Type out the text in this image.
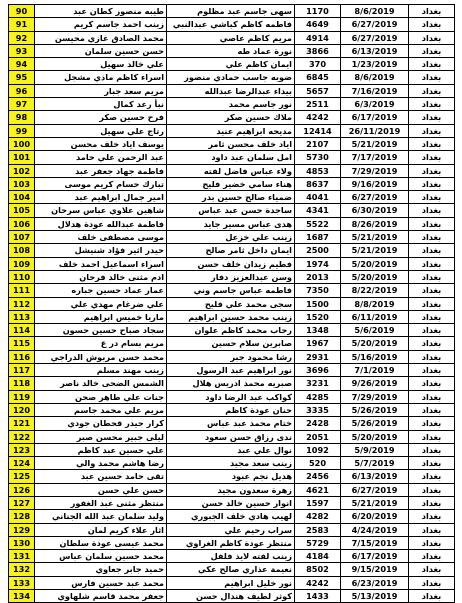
90	طيبه منصور كطان عبد	سهى جاسم عبد مظلوم	1170	8/6/2019	بغداد
91	زينب احمد جاسم كريم	فاطمه كاظم كباشي عبدالنبي	4649	6/27/2019	بغداد
92	محمد الصادق غازي محيسن	مريم كاظم عاصي	4914	6/27/2019	بغداد
93	حسن حسين سلمان	نورة عماد طه	3866	6/13/2019	بغداد
94	علي خالد سهيل	ايمان كاظم علي	370	1/23/2019	بغداد
95	اسراء كاظم ماذي مشجل	ضويه جاسب حمادي منصور	6845	8/6/2019	بغداد
96	مريم سعد جبار	بيداء عبدالرضا عبدالله	5657	7/16/2019	بغداد
97	نبأ رعد كمال	نور جاسم محمد	2511	6/3/2019	بغداد
98	فرح حسين صكر	ملاك حسين صكر	4242	6/17/2019	بغداد
99	رتاج علي سهيل	مديحه ابراهيم عنيد	12414	26/11/2019	بغداد
100	يوسف اياد خلف محسن	اياد خلف محسن ثامر	2107	5/21/2019	بغداد
101	عبد الرحمن علي حامد	امل سلمان عبد داود	5730	7/17/2019	بغداد
102	فاطمة جهاد جعفر عبد	ولاء عباس فاضل لفته	4853	7/29/2019	بغداد
103	تبارك حسام كريم موسى	هناء سامي خضير فليح	8637	9/16/2019	بغداد
104	امير جمال ابراهيم عبد	ضمياء صالح حسين بدر	4041	6/27/2019	بغداد
105	شاهين علاوي عباس سرحان	ساجدة حسن عبد عباس	4341	6/30/2019	بغداد
106	فاطمة عبدالله عودة هدلال	هدى عباس مسير جايد	5522	8/26/2019	بغداد
107	موسى مصطفى خلف	زينب علي خزعل	1687	5/21/2019	بغداد
108	حيدر اثير فؤاد شنيشل	ايمان داخل ثامر صالح	2500	5/21/2019	بغداد
109	اسراء اسماعيل احمد خلف	فطيم زيدان خلف حسن	1974	5/20/2019	بغداد
110	ادم مثنى خالد فرحان	وسن عبدالعزيز دفار	2013	5/20/2019	بغداد
111	عمار عماد حسين جباره	فاطمه عباس جاسم وني	7350	8/22/2019	بغداد
112	علي ضرغام مهدي علي	سجى محمد علي فليح	1500	8/8/2019	بغداد
113	ماريا خميس ابراهيم	زينب محمد حسين ابراهيم	1520	6/11/2019	بغداد
114	سجاد صباح حسين حسون	رحاب محمد كاظم علوان	1348	5/6/2019	بغداد
115	مريم بسام در ع	صابرين سلام حسين	1967	5/20/2019	بغداد
116	محمد حسن مربوش الدراجي	رشا محمود جبر	2931	5/16/2019	بغداد
117	زينب مهند مسلم	نور ابراهيم عبد الرسول	3696	7/1/2019	بغداد
118	الشمس الضحى خالد ناصر	صبريه محمد ادريس هلال	3231	9/26/2019	بغداد
119	جنات علي طاهر صحن	كواكب عبد الرضا داود	4285	7/29/2019	بغداد
120	مريم علي محمد جاسم	حنان عودة كاظم	3335	5/26/2019	بغداد
121	كرار حيدر قحطان جودي	ختام محمد عبد عباس	2428	5/26/2019	بغداد
122	ليلى جبير محسن صبر	ندى رزاق حسن سعود	2051	5/20/2019	بغداد
123	علي حسين عبد كاظم	نوال علي عبد	1092	5/9/2019	بغداد
124	رضا هاشم محمد والي	زينب سعد مجيد	520	5/7/2019	بغداد
125	تقى حامد حسين عبد	هديل نجم عبود	2456	6/13/2019	بغداد
126	حسن علي حسن	زهرة سعدون مجيد	4621	6/27/2019	بغداد
127	منتظر مثنى عبد الغفور	انوار حسين خالد حسن	1597	5/21/2019	بغداد
128	وليد سلمان عبد الله الجناني	لهيب هادي خلف الجبوري	4282	6/20/2019	بغداد
129	اثار علاء كريم لمان	سراب رحيم علي	2583	4/24/2019	بغداد
130	محمد عيسى عودة سلطان	منتظر عودة كاظم الغراوي	5729	7/15/2019	بغداد
131	محمد حسين سلمان عباس	زينب لفته لايذ فلفل	4184	6/17/2019	بغداد
132	حميد جابر جعاوي	نعيمة عذاري صالح عكي	8502	9/15/2019	بغداد
133	محمد عبد حسين فارس	نور خليل ابراهيم	4242	6/23/2019	بغداد
134	جعفر محمد قاسم شلهاوي	كوثر لطيف هندال حسن	1433	5/13/2019	بغداد
